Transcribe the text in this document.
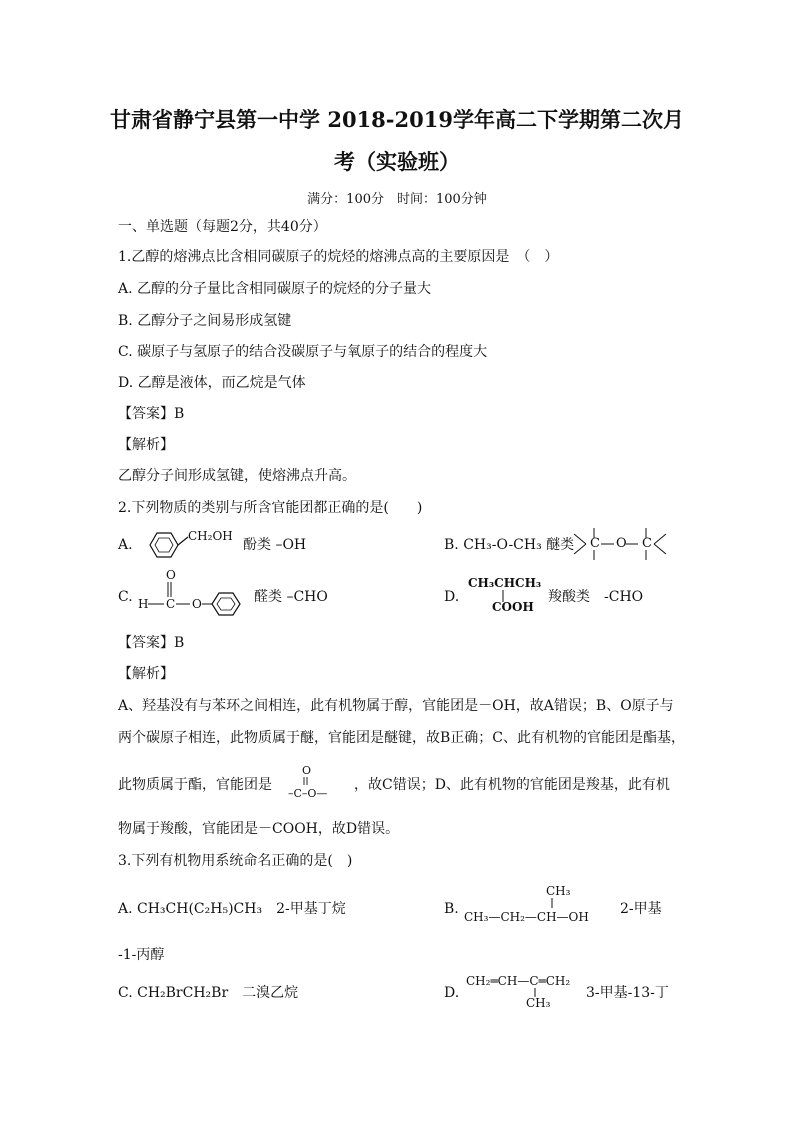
甘肃省静宁县第一中学 2018-2019学年高二下学期第二次月
考（实验班）
满分：100分　时间：100分钟
一、单选题（每题2分，共40分）
1.乙醇的熔沸点比含相同碳原子的烷烃的熔沸点高的主要原因是　（　）
A. 乙醇的分子量比含相同碳原子的烷烃的分子量大
B. 乙醇分子之间易形成氢键
C. 碳原子与氢原子的结合没碳原子与氧原子的结合的程度大
D. 乙醇是液体，而乙烷是气体
【答案】B
【解析】
乙醇分子间形成氢键，使熔沸点升高。
2.下列物质的类别与所含官能团都正确的是(　　)
A.
CH₂OH
酚类 –OH	B. CH₃-O-CH₃ 醚类 C O C
C.
O
H C O	醛类 –CHO	D.
CH₃CHCH₃
COOH
羧酸类　-CHO
【答案】B
【解析】
A、羟基没有与苯环之间相连，此有机物属于醇，官能团是－OH，故A错误；B、O原子与
两个碳原子相连，此物质属于醚，官能团是醚键，故B正确；C、此有机物的官能团是酯基，
此物质属于酯，官能团是
O
–C–O—
，故C错误；D、此有机物的官能团是羧基，此有机
物属于羧酸，官能团是－COOH，故D错误。
3.下列有机物用系统命名正确的是(　)
A. CH₃CH(C₂H₅)CH₃　2-甲基丁烷	B.
CH₃
CH₃—CH₂—CH—OH 2-甲基
-1-丙醇
C. CH₂BrCH₂Br　二溴乙烷	D.
CH₂═CH—C═CH₂
CH₃
3-甲基-13-丁
